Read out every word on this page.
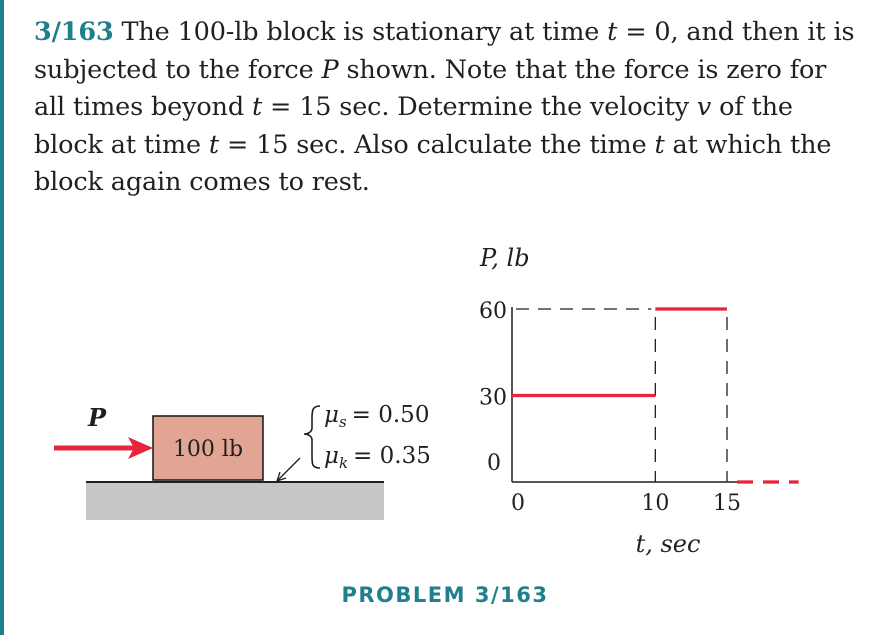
3/163 The 100-lb block is stationary at time t = 0, and then it is subjected to the force P shown. Note that the force is zero for all times beyond t = 15 sec. Determine the velocity v of the block at time t = 15 sec. Also calculate the time t at which the block again comes to rest.
100 lb
P	$\mu_s = 0.50$
$\mu_k = 0.35$
P, lb
t, sec
0
30
60
0	10 15
PROBLEM 3/163
